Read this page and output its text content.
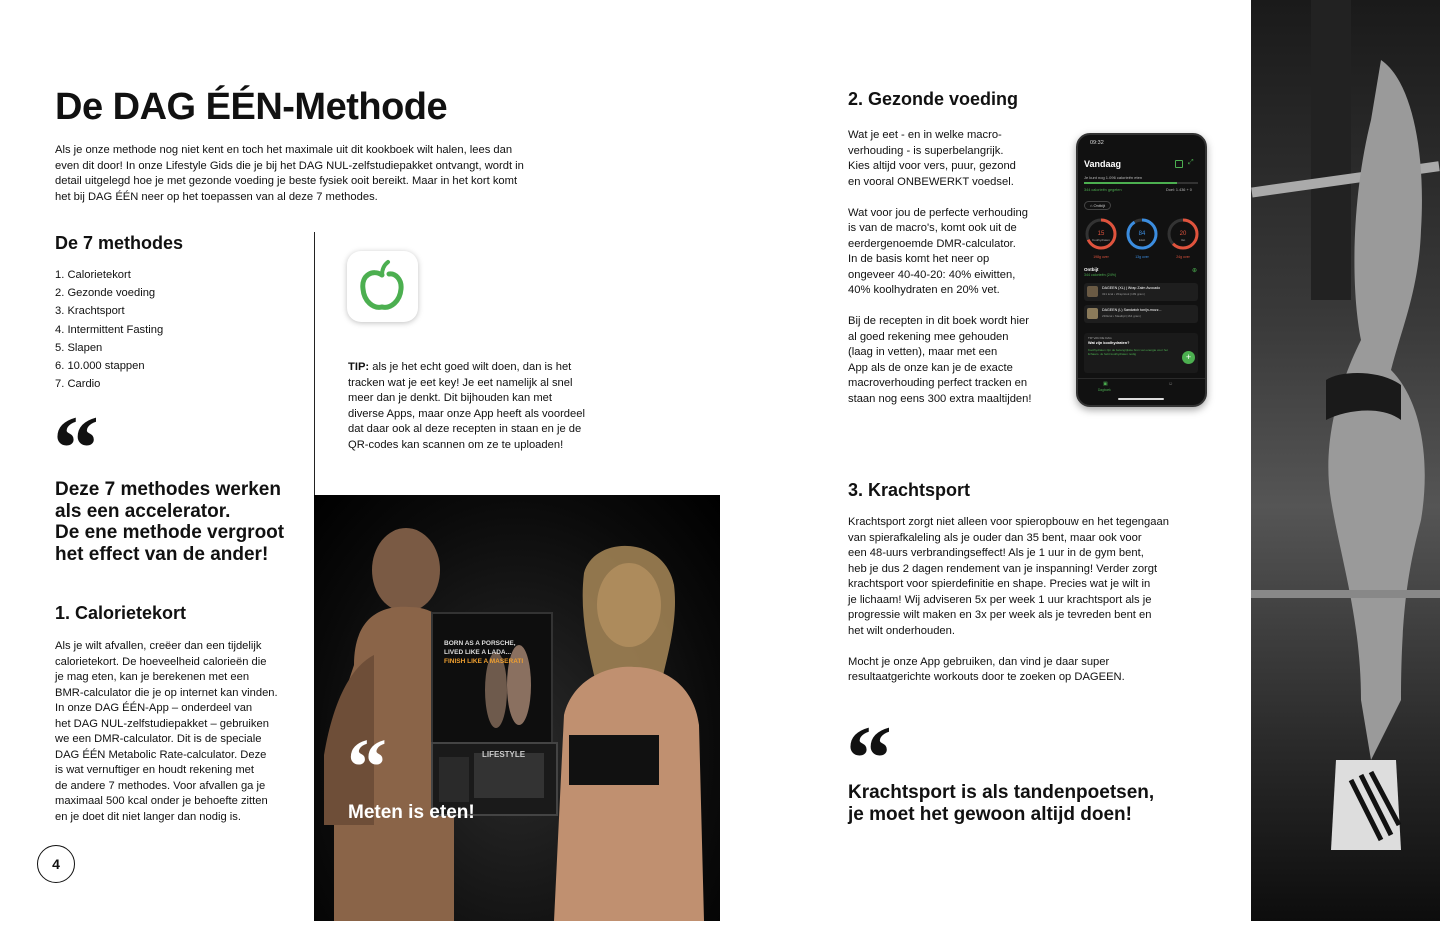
De DAG ÉÉN-Methode
Als je onze methode nog niet kent en toch het maximale uit dit kookboek wilt halen, lees dan even dit door! In onze Lifestyle Gids die je bij het DAG NUL-zelfstudiepakket ontvangt, wordt in detail uitgelegd hoe je met gezonde voeding je beste fysiek ooit bereikt. Maar in het kort komt het bij DAG ÉÉN neer op het toepassen van al deze 7 methodes.
De 7 methodes
1. Calorietekort
2. Gezonde voeding
3. Krachtsport
4. Intermittent Fasting
5. Slapen
6. 10.000 stappen
7. Cardio
“
Deze 7 methodes werken
als een accelerator.
De ene methode vergroot
het effect van de ander!
1. Calorietekort
Als je wilt afvallen, creëer dan een tijdelijk
calorietekort. De hoeveelheid calorieën die
je mag eten, kan je berekenen met een
BMR-calculator die je op internet kan vinden.
In onze DAG ÉÉN-App – onderdeel van
het DAG NUL-zelfstudiepakket – gebruiken
we een DMR-calculator. Dit is de speciale
DAG ÉÉN Metabolic Rate-calculator. Deze
is wat vernuftiger en houdt rekening met
de andere 7 methodes. Voor afvallen ga je
maximaal 500 kcal onder je behoefte zitten
en je doet dit niet langer dan nodig is.
4
TIP: als je het echt goed wilt doen, dan is het
tracken wat je eet key! Je eet namelijk al snel
meer dan je denkt. Dit bijhouden kan met
diverse Apps, maar onze App heeft als voordeel
dat daar ook al deze recepten in staan en je de
QR-codes kan scannen om ze te uploaden!
BORN AS A PORSCHE,
LIVED LIKE A LADA...
FINISH LIKE A MASERATI
LIFESTYLE
“
Meten is eten!
2. Gezonde voeding
Wat je eet - en in welke macro-
verhouding - is superbelangrijk.
Kies altijd voor vers, puur, gezond
en vooral ONBEWERKT voedsel.
Wat voor jou de perfecte verhouding
is van de macro's, komt ook uit de
eerdergenoemde DMR-calculator.
In de basis komt het neer op
ongeveer 40-40-20: 40% eiwitten,
40% koolhydraten en 20% vet.
Bij de recepten in dit boek wordt hier
al goed rekening mee gehouden
(laag in vetten), maar met een
App als de onze kan je de exacte
macroverhouding perfect tracken en
staan nog eens 300 extra maaltijden!
09:32
Vandaag	⤢
Je kunt nog 1.096 calorieën eten
344 calorieën gegeten	Doel: 1.436 + 0
⌂ Ontbijt
15
Koolhydraten
198g over
84
Eiwit
13g over
20
Vet
24g over
Ontbijt
344 calorieën (24%)
⊕
DAGEEN (XL) | Wrap Zalm Avocado
321 kcal • Wrap/stuk (199 gram)
DAGEEN (L) Sandwich tonijn-mozz...
230kcal • Maaltijd (164 gram)
TIP VAN DE DAG
Wat zijn koolhydraten?
Koolhydraten zijn de belangrijkste bron van energie voor het lichaam. Je hebt koolhydraten nodig	+
▣
Dagboek
☺
3. Krachtsport
Krachtsport zorgt niet alleen voor spieropbouw en het tegengaan
van spierafkaleling als je ouder dan 35 bent, maar ook voor
een 48-uurs verbrandingseffect! Als je 1 uur in de gym bent,
heb je dus 2 dagen rendement van je inspanning! Verder zorgt
krachtsport voor spierdefinitie en shape. Precies wat je wilt in
je lichaam! Wij adviseren 5x per week 1 uur krachtsport als je
progressie wilt maken en 3x per week als je tevreden bent en
het wilt onderhouden.
Mocht je onze App gebruiken, dan vind je daar super
resultaatgerichte workouts door te zoeken op DAGEEN.
“
Krachtsport is als tandenpoetsen,
je moet het gewoon altijd doen!
